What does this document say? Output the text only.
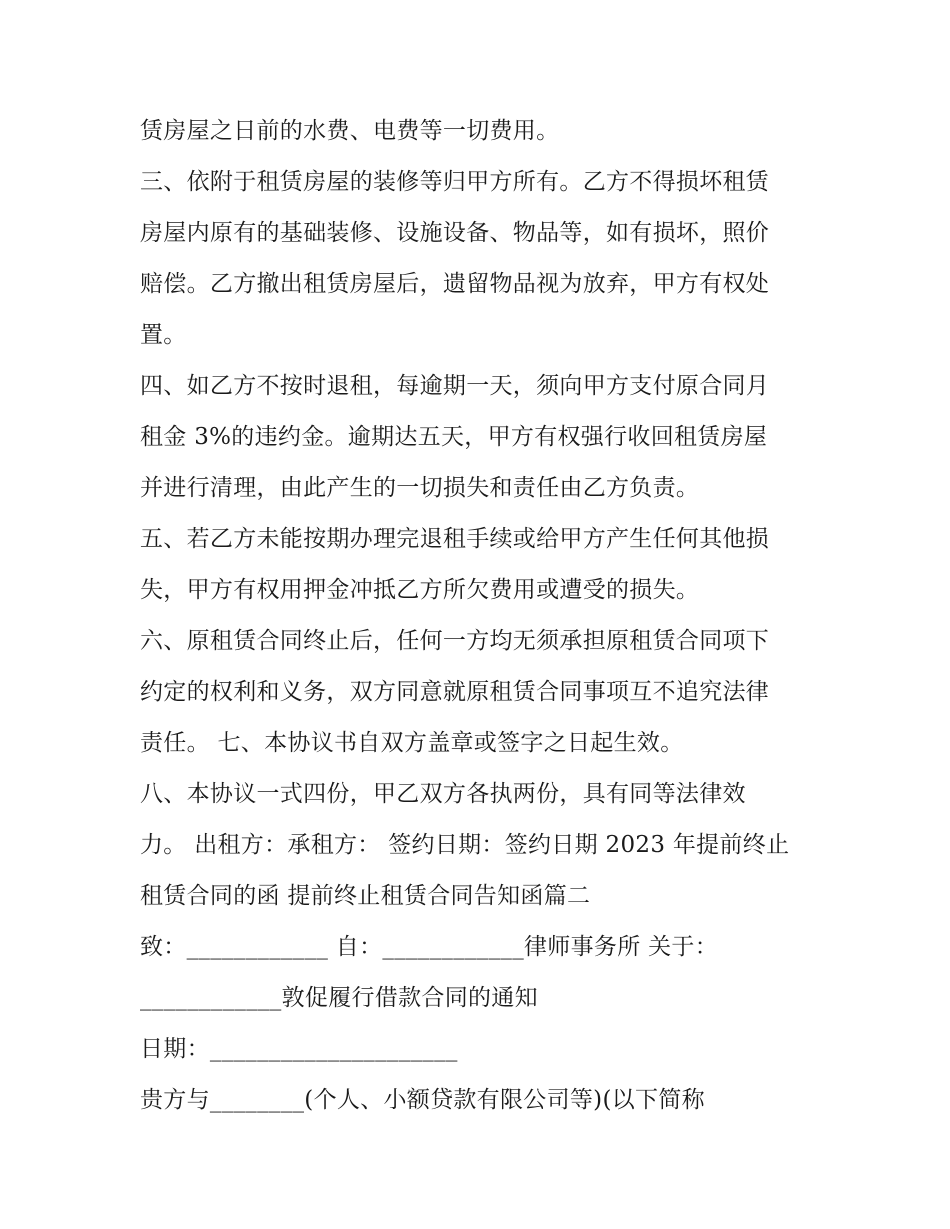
赁房屋之日前的水费、电费等一切费用。
三、依附于租赁房屋的装修等归甲方所有。乙方不得损坏租赁
房屋内原有的基础装修、设施设备、物品等，如有损坏，照价
赔偿。乙方撤出租赁房屋后，遗留物品视为放弃，甲方有权处
置。
四、如乙方不按时退租，每逾期一天，须向甲方支付原合同月
租金 3%的违约金。逾期达五天，甲方有权强行收回租赁房屋
并进行清理，由此产生的一切损失和责任由乙方负责。
五、若乙方未能按期办理完退租手续或给甲方产生任何其他损
失，甲方有权用押金冲抵乙方所欠费用或遭受的损失。
六、原租赁合同终止后，任何一方均无须承担原租赁合同项下
约定的权利和义务，双方同意就原租赁合同事项互不追究法律
责任。 七、本协议书自双方盖章或签字之日起生效。
八、本协议一式四份，甲乙双方各执两份，具有同等法律效
力。 出租方：承租方： 签约日期：签约日期 2023 年提前终止
租赁合同的函 提前终止租赁合同告知函篇二
致：____________ 自：____________律师事务所 关于：
____________敦促履行借款合同的通知
日期：_____________________
贵方与________(个人、小额贷款有限公司等)(以下简称
